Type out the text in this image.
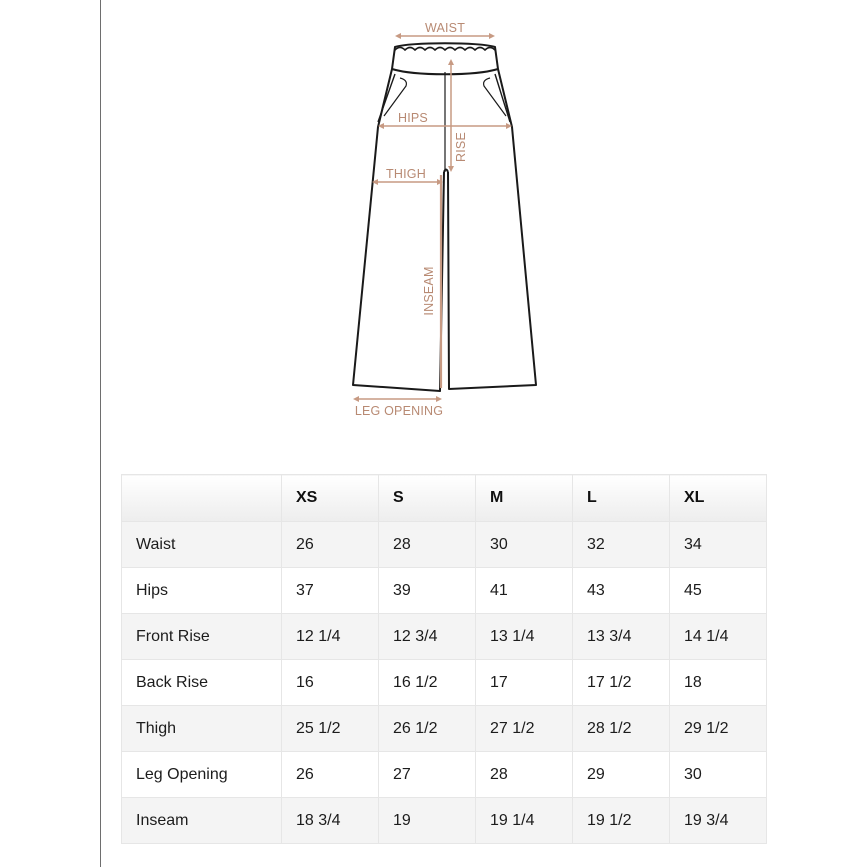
WAIST
HIPS
RISE
THIGH
INSEAM
LEG OPENING
	XS	S	M	L	XL
Waist	26	28	30	32	34
Hips	37	39	41	43	45
Front Rise	12 1/4	12 3/4	13 1/4	13 3/4	14 1/4
Back Rise	16	16 1/2	17	17 1/2	18
Thigh	25 1/2	26 1/2	27 1/2	28 1/2	29 1/2
Leg Opening	26	27	28	29	30
Inseam	18 3/4	19	19 1/4	19 1/2	19 3/4
